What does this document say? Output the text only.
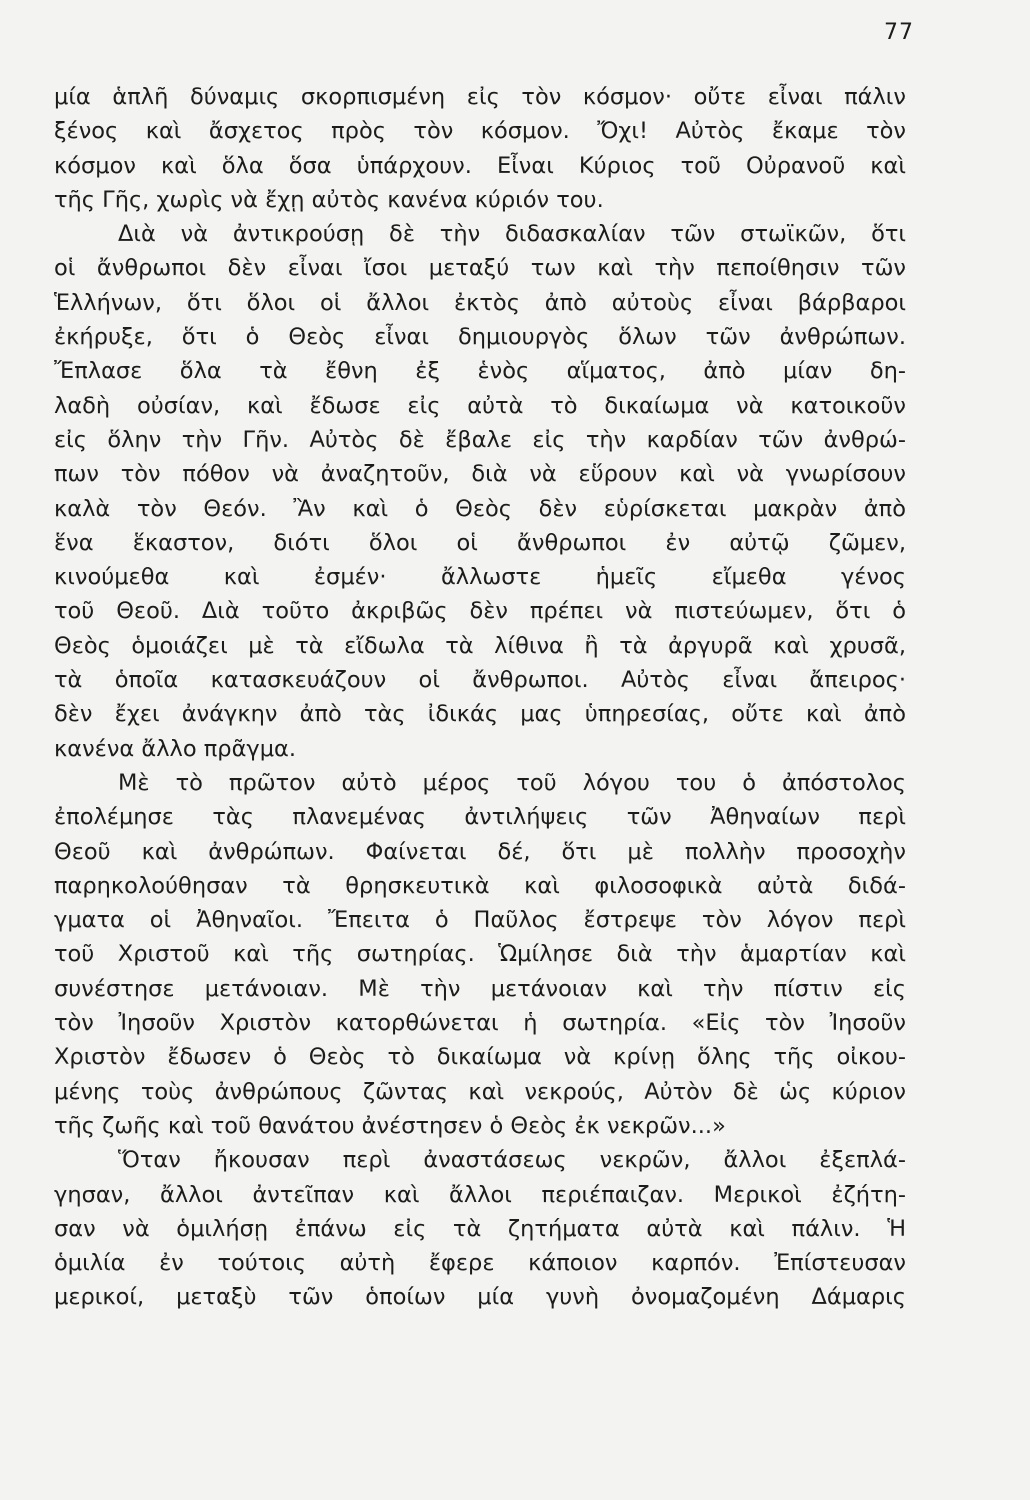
77
μία ἁπλῆ δύναμις σκορπισμένη εἰς τὸν κόσμον· οὔτε εἶναι πάλιν
ξένος καὶ ἄσχετος πρὸς τὸν κόσμον. Ὄχι! Αὐτὸς ἔκαμε τὸν
κόσμον καὶ ὅλα ὅσα ὑπάρχουν. Εἶναι Κύριος τοῦ Οὐρανοῦ καὶ
τῆς Γῆς, χωρὶς νὰ ἔχῃ αὐτὸς κανένα κύριόν του.
Διὰ νὰ ἀντικρούσῃ δὲ τὴν διδασκαλίαν τῶν στωϊκῶν, ὅτι
οἱ ἄνθρωποι δὲν εἶναι ἴσοι μεταξύ των καὶ τὴν πεποίθησιν τῶν
Ἑλλήνων, ὅτι ὅλοι οἱ ἄλλοι ἐκτὸς ἀπὸ αὐτοὺς εἶναι βάρβαροι
ἐκήρυξε, ὅτι ὁ Θεὸς εἶναι δημιουργὸς ὅλων τῶν ἀνθρώπων.
Ἔπλασε ὅλα τὰ ἔθνη ἐξ ἑνὸς αἵματος, ἀπὸ μίαν δη-
λαδὴ οὐσίαν, καὶ ἔδωσε εἰς αὐτὰ τὸ δικαίωμα νὰ κατοικοῦν
εἰς ὅλην τὴν Γῆν. Αὐτὸς δὲ ἔβαλε εἰς τὴν καρδίαν τῶν ἀνθρώ-
πων τὸν πόθον νὰ ἀναζητοῦν, διὰ νὰ εὕρουν καὶ νὰ γνωρίσουν
καλὰ τὸν Θεόν. Ἂν καὶ ὁ Θεὸς δὲν εὑρίσκεται μακρὰν ἀπὸ
ἕνα ἕκαστον, διότι ὅλοι οἱ ἄνθρωποι ἐν αὐτῷ ζῶμεν,
κινούμεθα καὶ ἐσμέν· ἄλλωστε ἡμεῖς εἴμεθα γένος
τοῦ Θεοῦ. Διὰ τοῦτο ἀκριβῶς δὲν πρέπει νὰ πιστεύωμεν, ὅτι ὁ
Θεὸς ὁμοιάζει μὲ τὰ εἴδωλα τὰ λίθινα ἢ τὰ ἀργυρᾶ καὶ χρυσᾶ,
τὰ ὁποῖα κατασκευάζουν οἱ ἄνθρωποι. Αὐτὸς εἶναι ἄπειρος·
δὲν ἔχει ἀνάγκην ἀπὸ τὰς ἰδικάς μας ὑπηρεσίας, οὔτε καὶ ἀπὸ
κανένα ἄλλο πρᾶγμα.
Μὲ τὸ πρῶτον αὐτὸ μέρος τοῦ λόγου του ὁ ἀπόστολος
ἐπολέμησε τὰς πλανεμένας ἀντιλήψεις τῶν Ἀθηναίων περὶ
Θεοῦ καὶ ἀνθρώπων. Φαίνεται δέ, ὅτι μὲ πολλὴν προσοχὴν
παρηκολούθησαν τὰ θρησκευτικὰ καὶ φιλοσοφικὰ αὐτὰ διδά-
γματα οἱ Ἀθηναῖοι. Ἔπειτα ὁ Παῦλος ἔστρεψε τὸν λόγον περὶ
τοῦ Χριστοῦ καὶ τῆς σωτηρίας. Ὡμίλησε διὰ τὴν ἁμαρτίαν καὶ
συνέστησε μετάνοιαν. Μὲ τὴν μετάνοιαν καὶ τὴν πίστιν εἰς
τὸν Ἰησοῦν Χριστὸν κατορθώνεται ἡ σωτηρία. «Εἰς τὸν Ἰησοῦν
Χριστὸν ἔδωσεν ὁ Θεὸς τὸ δικαίωμα νὰ κρίνῃ ὅλης τῆς οἰκου-
μένης τοὺς ἀνθρώπους ζῶντας καὶ νεκρούς, Αὐτὸν δὲ ὡς κύριον
τῆς ζωῆς καὶ τοῦ θανάτου ἀνέστησεν ὁ Θεὸς ἐκ νεκρῶν...»
Ὅταν ἤκουσαν περὶ ἀναστάσεως νεκρῶν, ἄλλοι ἐξεπλά-
γησαν, ἄλλοι ἀντεῖπαν καὶ ἄλλοι περιέπαιζαν. Μερικοὶ ἐζήτη-
σαν νὰ ὁμιλήσῃ ἐπάνω εἰς τὰ ζητήματα αὐτὰ καὶ πάλιν. Ἡ
ὁμιλία ἐν τούτοις αὐτὴ ἔφερε κάποιον καρπόν. Ἐπίστευσαν
μερικοί, μεταξὺ τῶν ὁποίων μία γυνὴ ὀνομαζομένη Δάμαρις
